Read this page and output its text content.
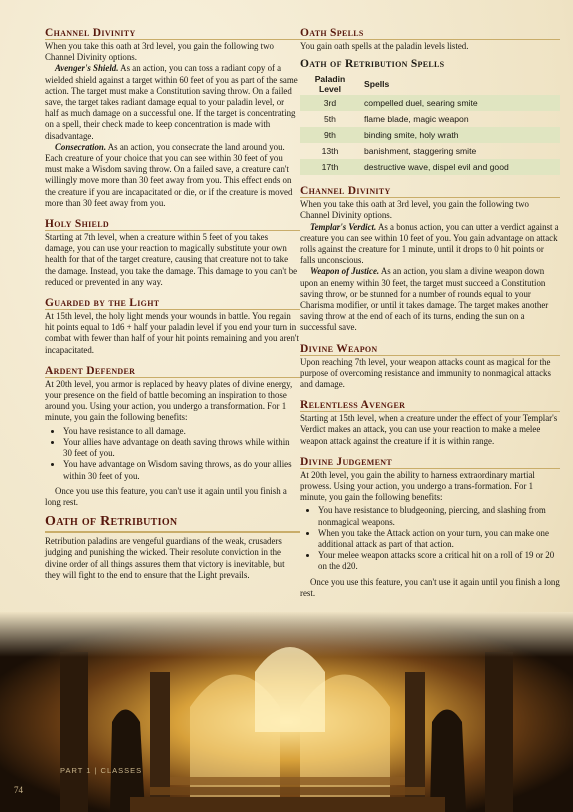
Channel Divinity

When you take this oath at 3rd level, you gain the following two Channel Divinity options.

Avenger's Shield. As an action, you can toss a radiant copy of a wielded shield against a target within 60 feet of you as part of the same action. The target must make a Constitution saving throw. On a failed save, the target takes radiant damage equal to your paladin level, or half as much damage on a successful one. If the target is concentrating on a spell, their check made to keep concentration is made with disadvantage.

Consecration. As an action, you consecrate the land around you. Each creature of your choice that you can see within 30 feet of you must make a Wisdom saving throw. On a failed save, a creature can't willingly move more than 30 feet away from you. This effect ends on the creature if you are incapacitated or die, or if the creature is moved more than 30 feet away from you.

Holy Shield

Starting at 7th level, when a creature within 5 feet of you takes damage, you can use your reaction to magically substitute your own health for that of the target creature, causing that creature not to take the damage. Instead, you take the damage. This damage to you can't be reduced or prevented in any way.

Guarded by the Light

At 15th level, the holy light mends your wounds in battle. You regain hit points equal to 1d6 + half your paladin level if you end your turn in combat with fewer than half of your hit points remaining and you aren't incapacitated.

Ardent Defender

At 20th level, you armor is replaced by heavy plates of divine energy, your presence on the field of battle becoming an inspiration to those around you. Using your action, you undergo a transformation. For 1 minute, you gain the following benefits:

• You have resistance to all damage.
• Your allies have advantage on death saving throws while within 30 feet of you.
• You have advantage on Wisdom saving throws, as do your allies within 30 feet of you.

Once you use this feature, you can't use it again until you finish a long rest.

Oath of Retribution

Retribution paladins are vengeful guardians of the weak, crusaders judging and punishing the wicked. Their resolute conviction in the divine order of all things assures them that victory is inevitable, but they will fight to the end to ensure that the Light prevails.

Oath Spells

You gain oath spells at the paladin levels listed.

Oath of Retribution Spells
Paladin Level	Spells
3rd	compelled duel, searing smite
5th	flame blade, magic weapon
9th	binding smite, holy wrath
13th	banishment, staggering smite
17th	destructive wave, dispel evil and good
Channel Divinity

When you take this oath at 3rd level, you gain the following two Channel Divinity options.

Templar's Verdict. As a bonus action, you can utter a verdict against a creature you can see within 10 feet of you. You gain advantage on attack rolls against the creature for 1 minute, until it drops to 0 hit points or falls unconscious.

Weapon of Justice. As an action, you slam a divine weapon down upon an enemy within 30 feet, the target must succeed a Constitution saving throw, or be stunned for a number of rounds equal to your Charisma modifier, or until it takes damage. The target makes another saving throw at the end of each of its turns, ending the sun on a successful save.

Divine Weapon

Upon reaching 7th level, your weapon attacks count as magical for the purpose of overcoming resistance and immunity to nonmagical attacks and damage.

Relentless Avenger

Starting at 15th level, when a creature under the effect of your Templar's Verdict makes an attack, you can use your reaction to make a melee weapon attack against the creature if it is within range.

Divine Judgement

At 20th level, you gain the ability to harness extraordinary martial prowess. Using your action, you undergo a trans-formation. For 1 minute, you gain the following benefits:

• You have resistance to bludgeoning, piercing, and slashing from nonmagical weapons.
• When you take the Attack action on your turn, you can make one additional attack as part of that action.
• Your melee weapon attacks score a critical hit on a roll of 19 or 20 on the d20.

Once you use this feature, you can't use it again until you finish a long rest.

PART 1 | CLASSES
74
